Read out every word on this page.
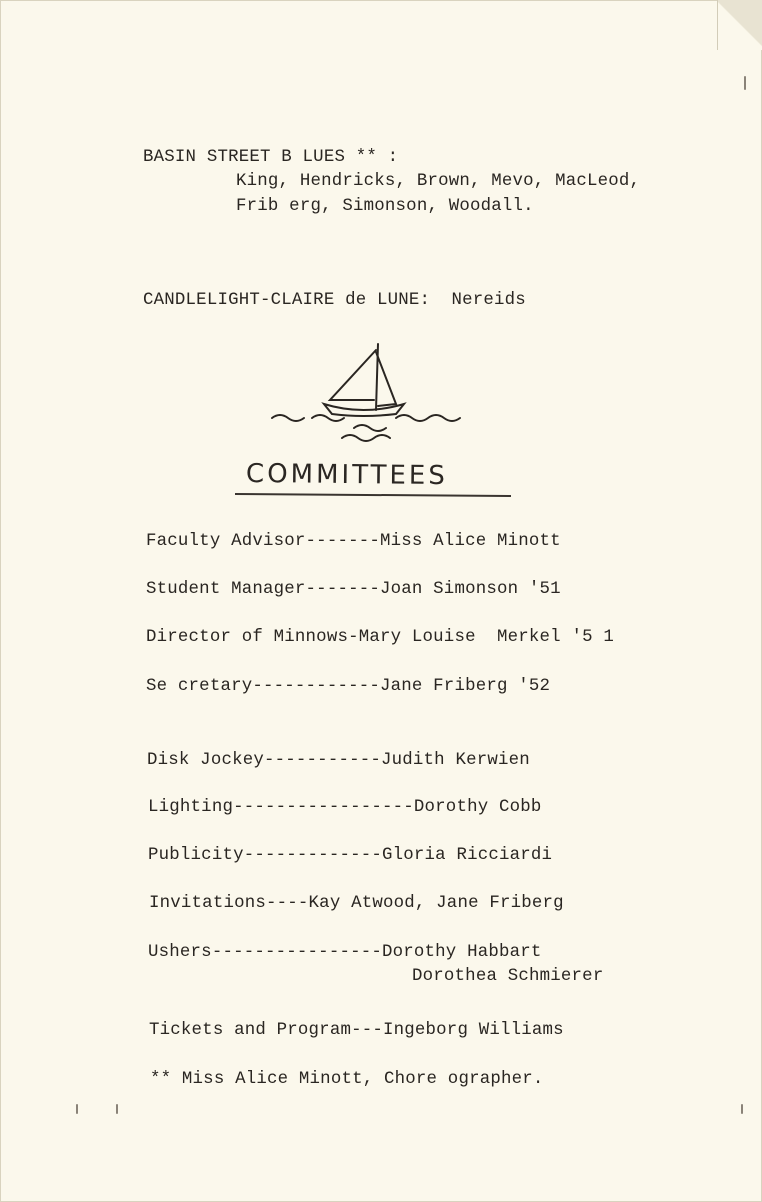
BASIN STREET B LUES ** :
King, Hendricks, Brown, Mevo, MacLeod,
Frib erg, Simonson, Woodall.
CANDLELIGHT-CLAIRE de LUNE:  Nereids
COMMITTEES
Faculty Advisor-------Miss Alice Minott
Student Manager-------Joan Simonson '51
Director of Minnows-Mary Louise  Merkel '5 1
Se cretary------------Jane Friberg '52
Disk Jockey-----------Judith Kerwien
Lighting-----------------Dorothy Cobb
Publicity-------------Gloria Ricciardi
Invitations----Kay Atwood, Jane Friberg
Ushers----------------Dorothy Habbart
Dorothea Schmierer
Tickets and Program---Ingeborg Williams
** Miss Alice Minott, Chore ographer.
